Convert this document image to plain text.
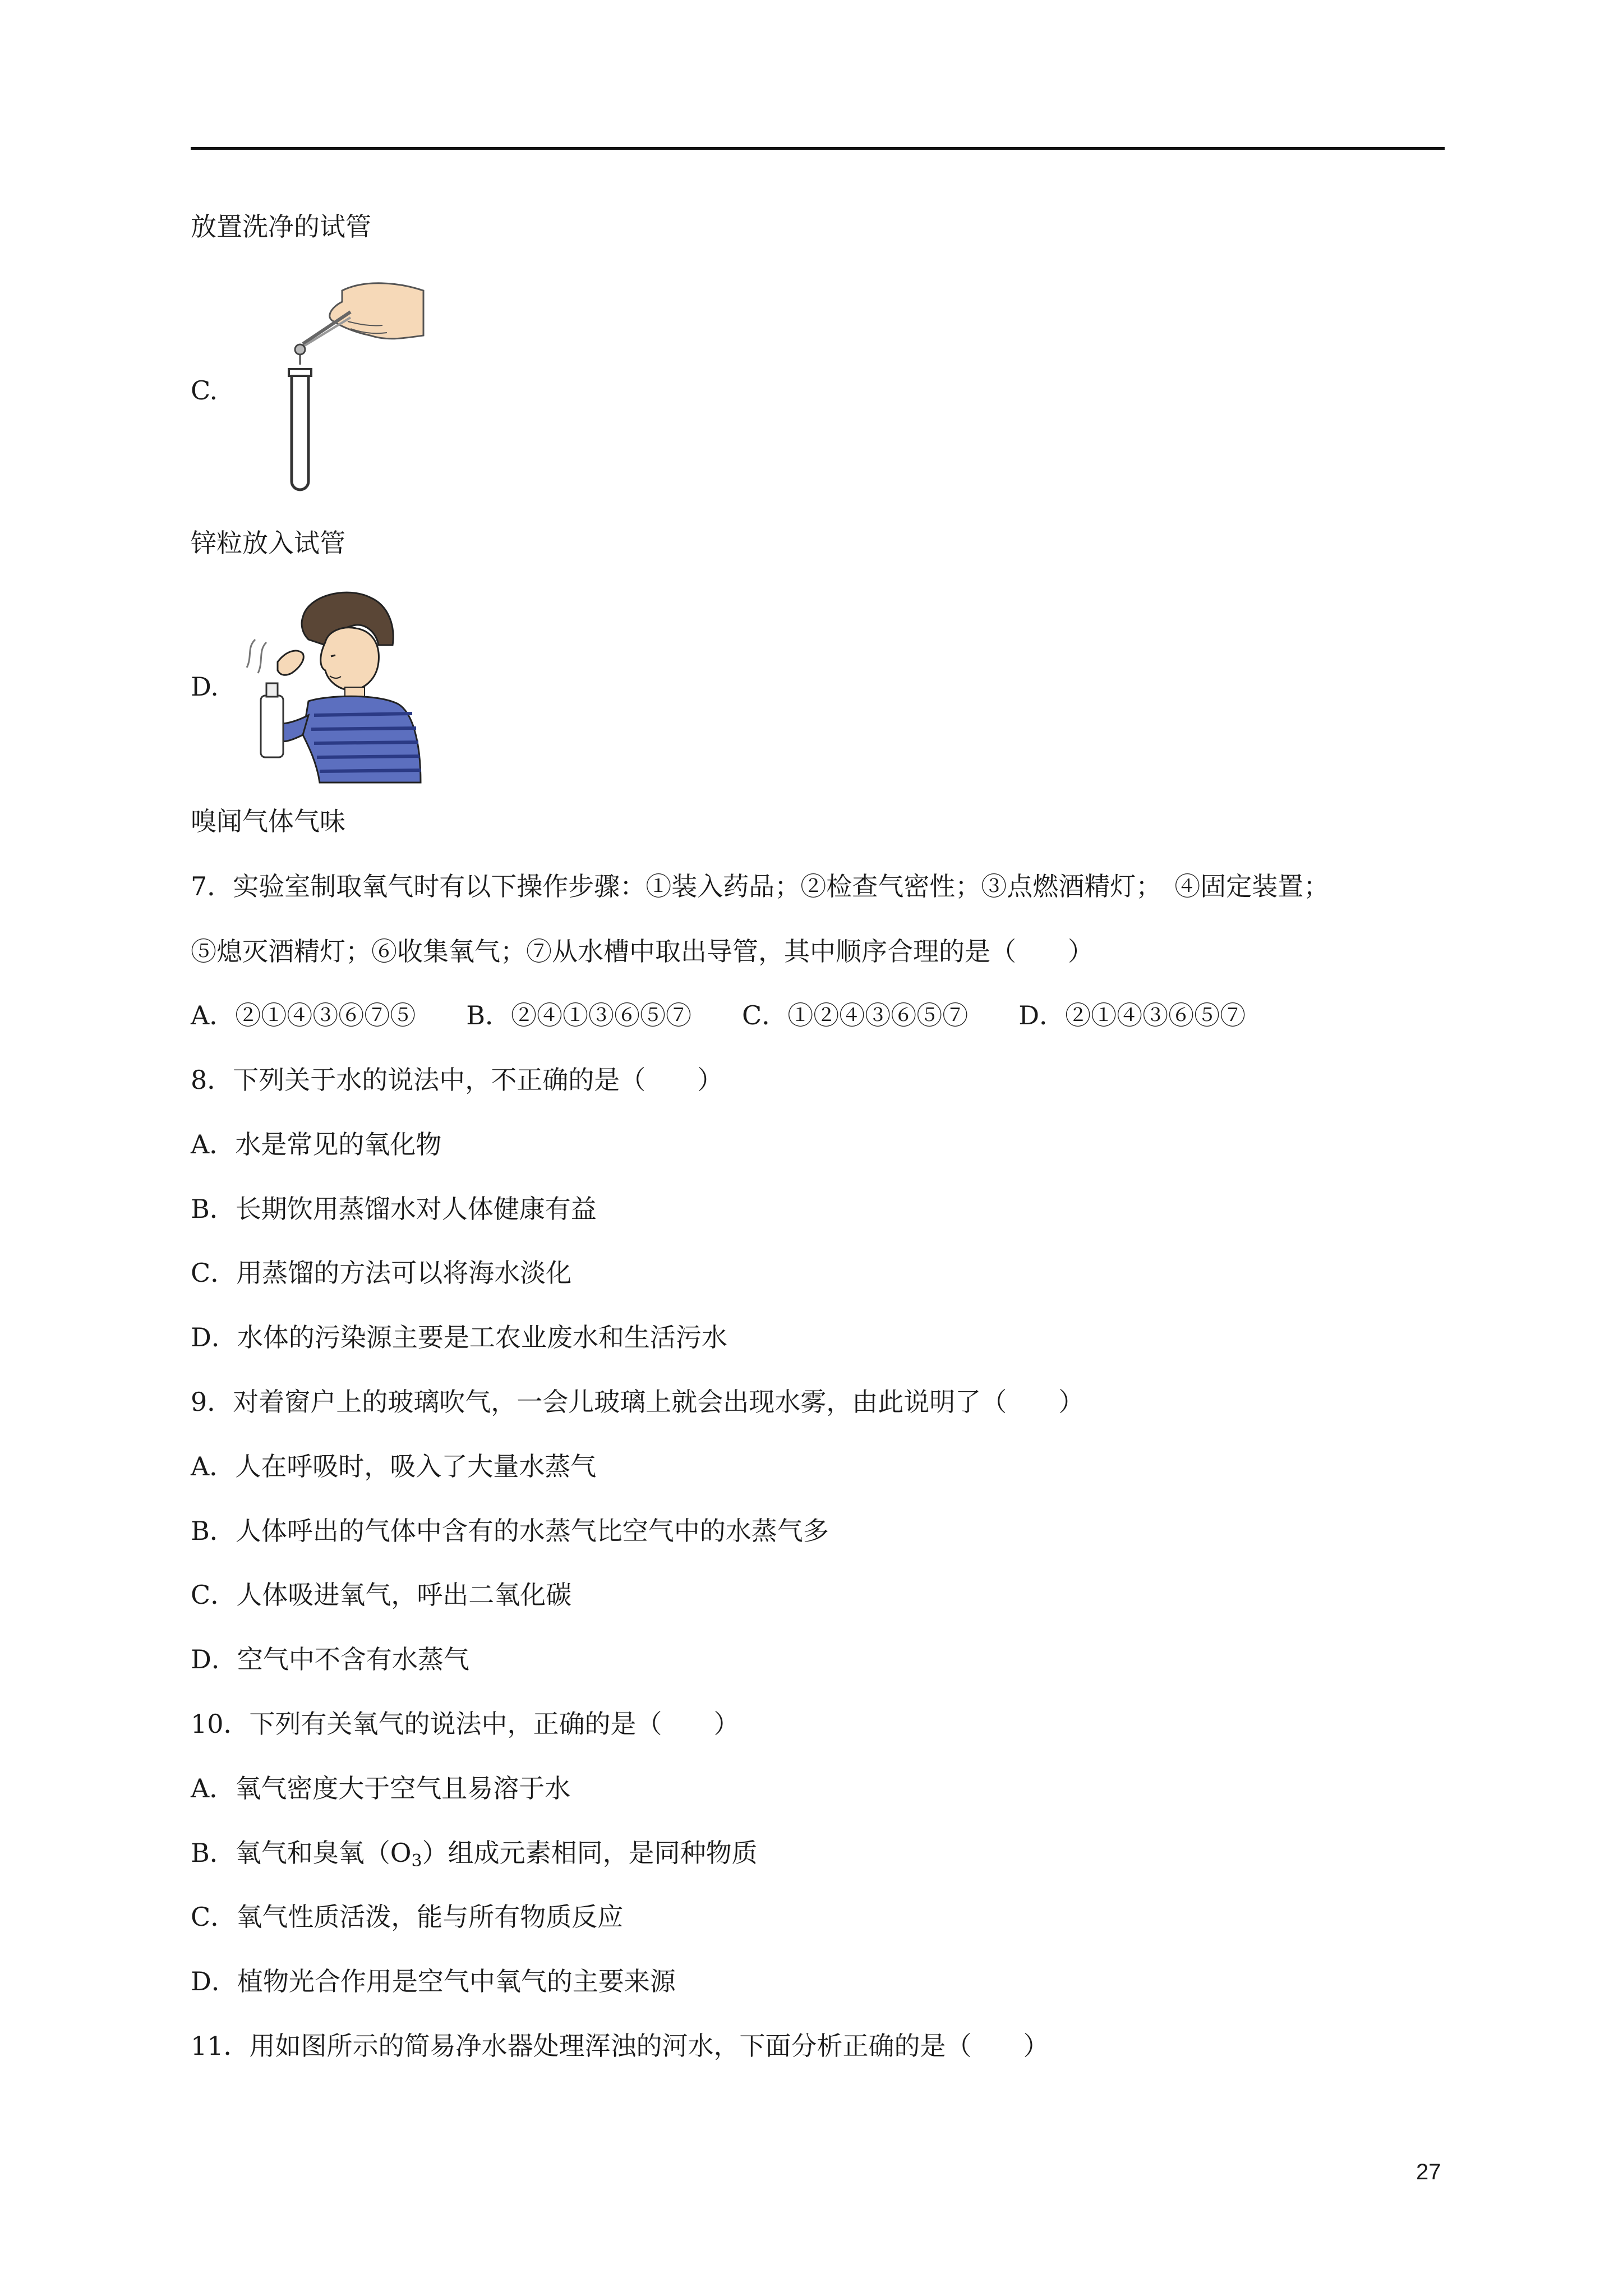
放置洗净的试管
C.
锌粒放入试管
D.
嗅闻气体气味
7．实验室制取氧气时有以下操作步骤：①装入药品；②检查气密性；③点燃酒精灯；　④固定装置；
⑤熄灭酒精灯；⑥收集氧气；⑦从水槽中取出导管，其中顺序合理的是（　　）
A．②①④③⑥⑦⑤ B．②④①③⑥⑤⑦ C．①②④③⑥⑤⑦ D．②①④③⑥⑤⑦
8．下列关于水的说法中，不正确的是（　　）
A．水是常见的氧化物
B．长期饮用蒸馏水对人体健康有益
C．用蒸馏的方法可以将海水淡化
D．水体的污染源主要是工农业废水和生活污水
9．对着窗户上的玻璃吹气，一会儿玻璃上就会出现水雾，由此说明了（　　）
A．人在呼吸时，吸入了大量水蒸气
B．人体呼出的气体中含有的水蒸气比空气中的水蒸气多
C．人体吸进氧气，呼出二氧化碳
D．空气中不含有水蒸气
10．下列有关氧气的说法中，正确的是（　　）
A．氧气密度大于空气且易溶于水
B．氧气和臭氧$(O_3)$组成元素相同，是同种物质
C．氧气性质活泼，能与所有物质反应
D．植物光合作用是空气中氧气的主要来源
11．用如图所示的简易净水器处理浑浊的河水，下面分析正确的是（　　）
27
